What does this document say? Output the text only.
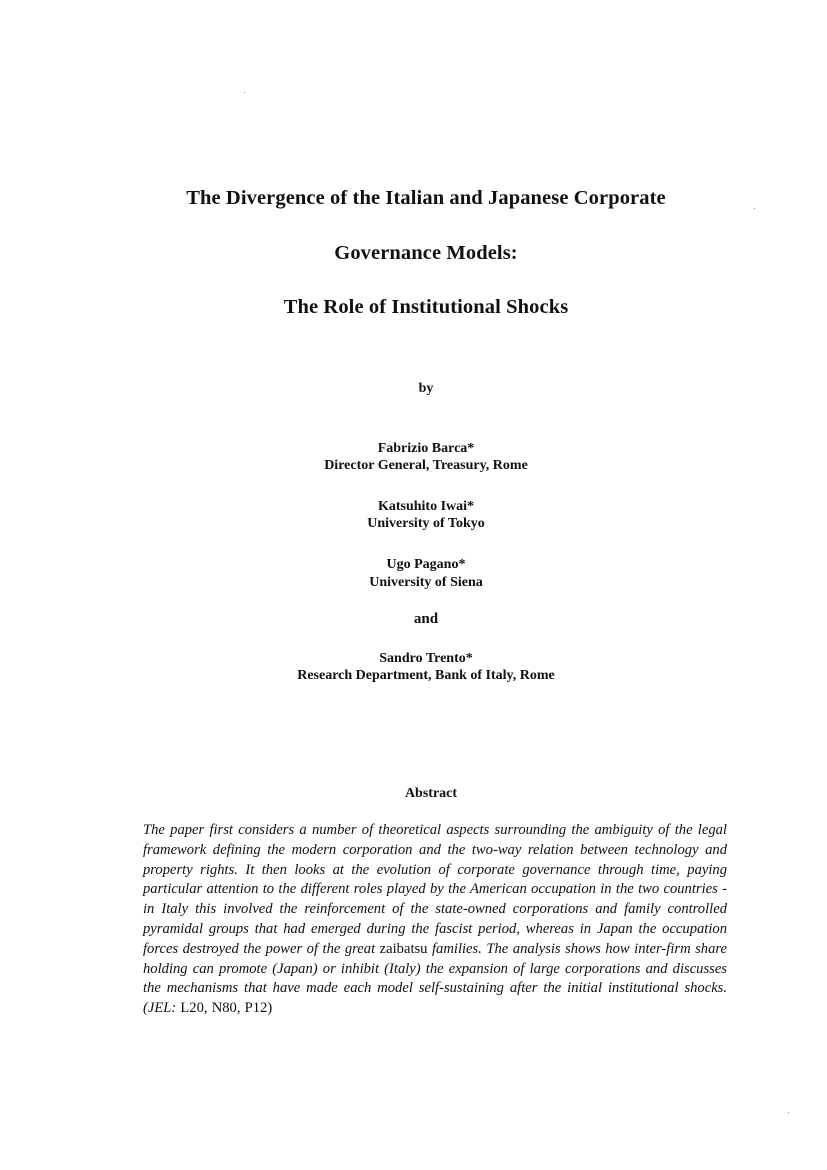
The Divergence of the Italian and Japanese Corporate
Governance Models:
The Role of Institutional Shocks

by

Fabrizio Barca*

Director General, Treasury, Rome

Katsuhito Iwai*

University of Tokyo

Ugo Pagano*

University of Siena

and

Sandro Trento*

Research Department, Bank of Italy, Rome

Abstract

The paper first considers a number of theoretical aspects surrounding the ambiguity of the legal framework defining the modern corporation and the two-way relation between technology and property rights. It then looks at the evolution of corporate governance through time, paying particular attention to the different roles played by the American occupation in the two countries - in Italy this involved the reinforcement of the state-owned corporations and family controlled pyramidal groups that had emerged during the fascist period, whereas in Japan the occupation forces destroyed the power of the great zaibatsu families. The analysis shows how inter-firm share holding can promote (Japan) or inhibit (Italy) the expansion of large corporations and discusses the mechanisms that have made each model self-sustaining after the initial institutional shocks. (JEL: L20, N80, P12)
